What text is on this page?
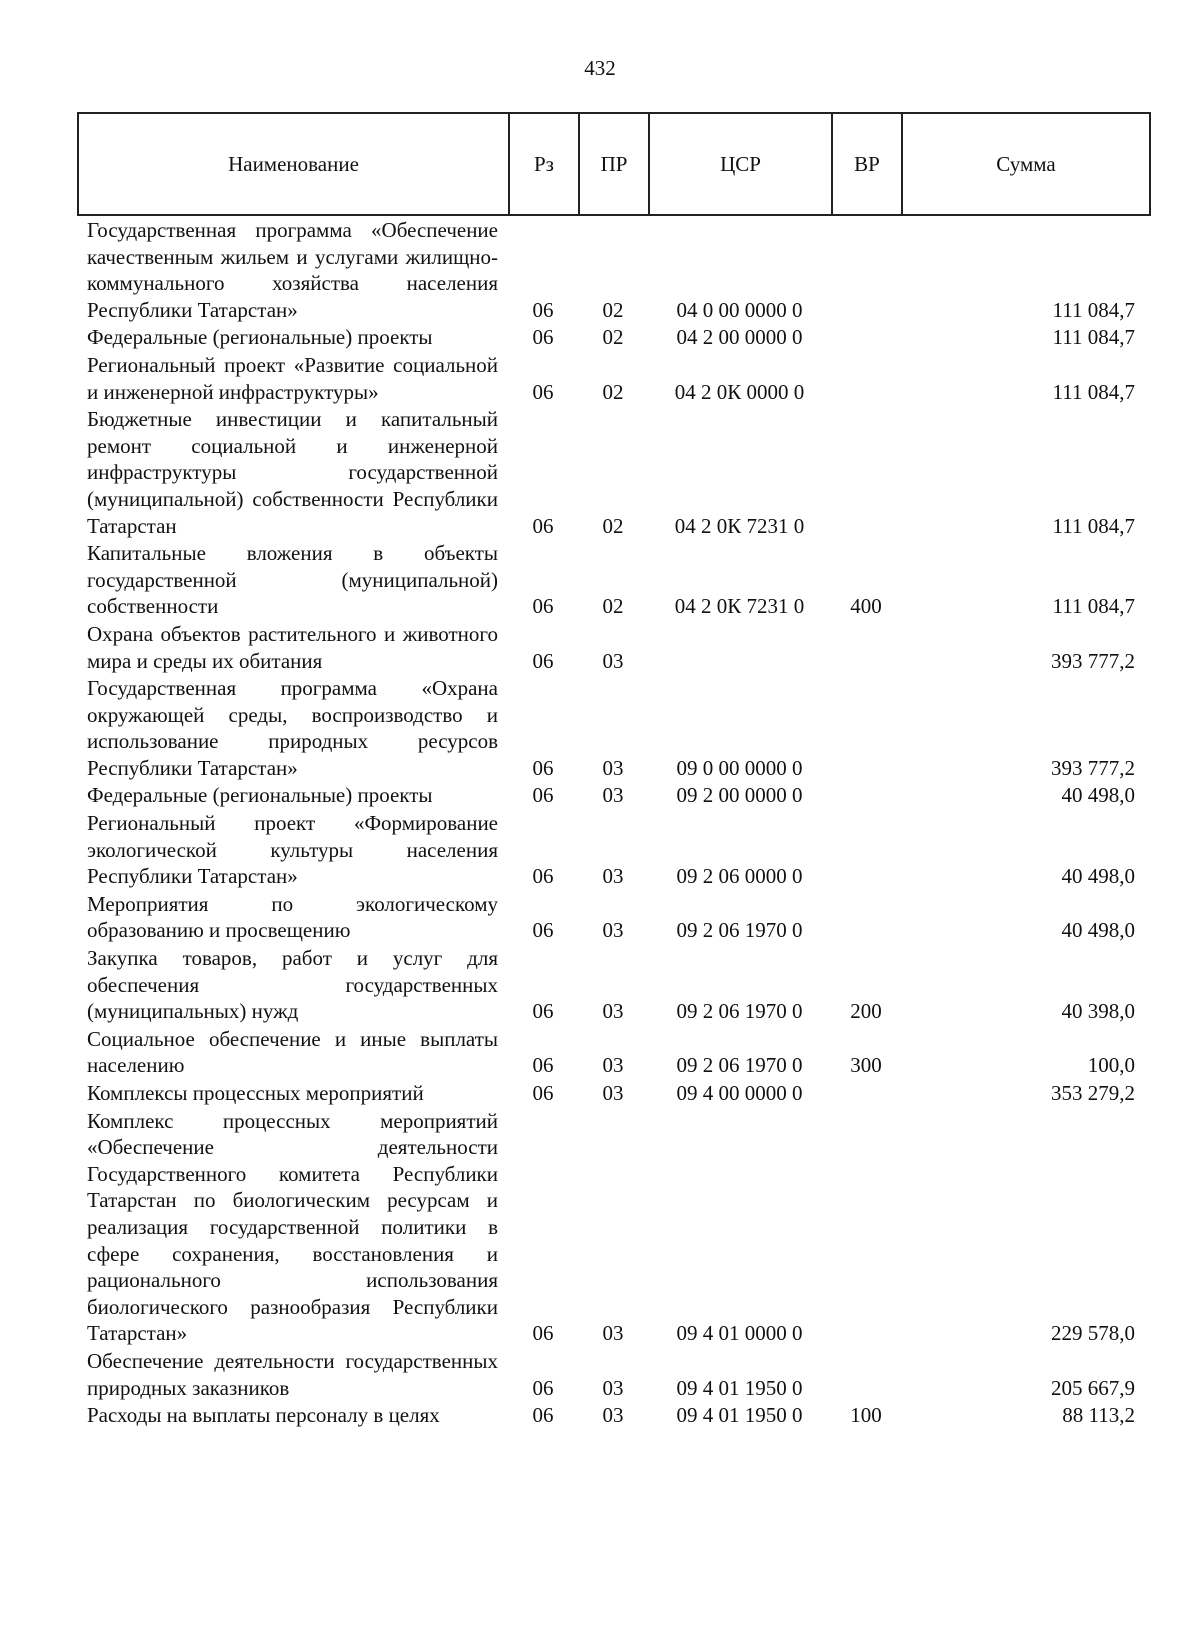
432
Наименование	Рз	ПР	ЦСР	ВР	Сумма
Государственная программа «Обеспечение качественным жильем и услугами жилищно-коммунального хозяйства населения Республики Татарстан»	06	02	04 0 00 0000 0		111 084,7
Федеральные (региональные) проекты	06	02	04 2 00 0000 0		111 084,7
Региональный проект «Развитие социальной и инженерной инфраструктуры»	06	02	04 2 0К 0000 0		111 084,7
Бюджетные инвестиции и капитальный ремонт социальной и инженерной инфраструктуры государственной (муниципальной) собственности Республики Татарстан	06	02	04 2 0К 7231 0		111 084,7
Капитальные вложения в объекты государственной (муниципальной) собственности	06	02	04 2 0К 7231 0	400	111 084,7
Охрана объектов растительного и животного мира и среды их обитания	06	03			393 777,2
Государственная программа «Охрана окружающей среды, воспроизводство и использование природных ресурсов Республики Татарстан»	06	03	09 0 00 0000 0		393 777,2
Федеральные (региональные) проекты	06	03	09 2 00 0000 0		40 498,0
Региональный проект «Формирование экологической культуры населения Республики Татарстан»	06	03	09 2 06 0000 0		40 498,0
Мероприятия по экологическому образованию и просвещению	06	03	09 2 06 1970 0		40 498,0
Закупка товаров, работ и услуг для обеспечения государственных (муниципальных) нужд	06	03	09 2 06 1970 0	200	40 398,0
Социальное обеспечение и иные выплаты населению	06	03	09 2 06 1970 0	300	100,0
Комплексы процессных мероприятий	06	03	09 4 00 0000 0		353 279,2
Комплекс процессных мероприятий «Обеспечение деятельности Государственного комитета Республики Татарстан по биологическим ресурсам и реализация государственной политики в сфере сохранения, восстановления и рационального использования биологического разнообразия Республики Татарстан»	06	03	09 4 01 0000 0		229 578,0
Обеспечение деятельности государственных природных заказников	06	03	09 4 01 1950 0		205 667,9
Расходы на выплаты персоналу в целях	06	03	09 4 01 1950 0	100	88 113,2
